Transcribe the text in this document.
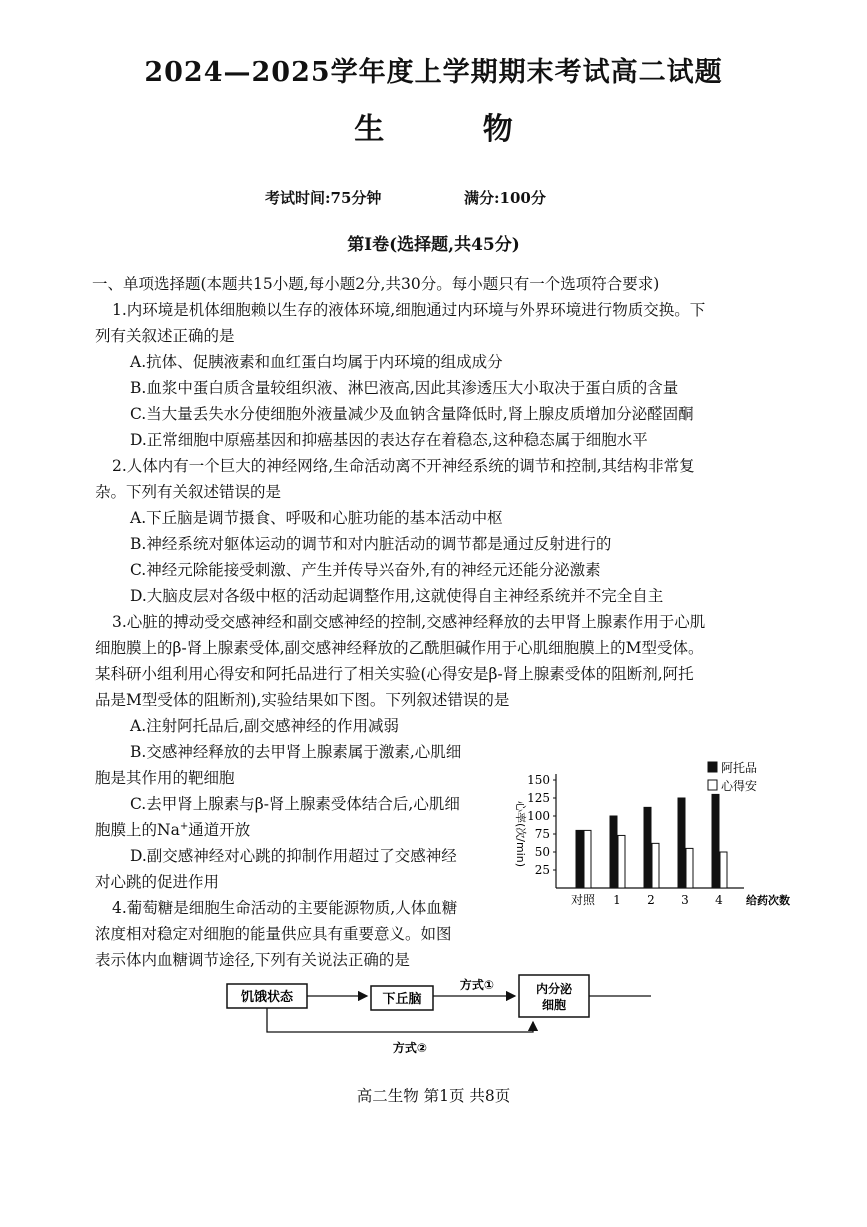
2024—2025学年度上学期期末考试高二试题
生 物
考试时间:75分钟	满分:100分
第Ⅰ卷(选择题,共45分)
一、单项选择题(本题共15小题,每小题2分,共30分。每小题只有一个选项符合要求)
1.内环境是机体细胞赖以生存的液体环境,细胞通过内环境与外界环境进行物质交换。下
列有关叙述正确的是
A.抗体、促胰液素和血红蛋白均属于内环境的组成成分
B.血浆中蛋白质含量较组织液、淋巴液高,因此其渗透压大小取决于蛋白质的含量
C.当大量丢失水分使细胞外液量减少及血钠含量降低时,肾上腺皮质增加分泌醛固酮
D.正常细胞中原癌基因和抑癌基因的表达存在着稳态,这种稳态属于细胞水平
2.人体内有一个巨大的神经网络,生命活动离不开神经系统的调节和控制,其结构非常复
杂。下列有关叙述错误的是
A.下丘脑是调节摄食、呼吸和心脏功能的基本活动中枢
B.神经系统对躯体运动的调节和对内脏活动的调节都是通过反射进行的
C.神经元除能接受刺激、产生并传导兴奋外,有的神经元还能分泌激素
D.大脑皮层对各级中枢的活动起调整作用,这就使得自主神经系统并不完全自主
3.心脏的搏动受交感神经和副交感神经的控制,交感神经释放的去甲肾上腺素作用于心肌
细胞膜上的β-肾上腺素受体,副交感神经释放的乙酰胆碱作用于心肌细胞膜上的M型受体。
某科研小组利用心得安和阿托品进行了相关实验(心得安是β-肾上腺素受体的阻断剂,阿托
品是M型受体的阻断剂),实验结果如下图。下列叙述错误的是
A.注射阿托品后,副交感神经的作用减弱
B.交感神经释放的去甲肾上腺素属于激素,心肌细
胞是其作用的靶细胞
C.去甲肾上腺素与β-肾上腺素受体结合后,心肌细
胞膜上的Na+通道开放
D.副交感神经对心跳的抑制作用超过了交感神经
对心跳的促进作用
25
50
75
100
125
150
心率(次/min)
对照 1 2 3 4 给药次数
阿托品
心得安
4.葡萄糖是细胞生命活动的主要能源物质,人体血糖
浓度相对稳定对细胞的能量供应具有重要意义。如图
表示体内血糖调节途径,下列有关说法正确的是
饥饿状态	下丘脑
方式①	内分泌
细胞
方式②
高二生物 第1页 共8页
